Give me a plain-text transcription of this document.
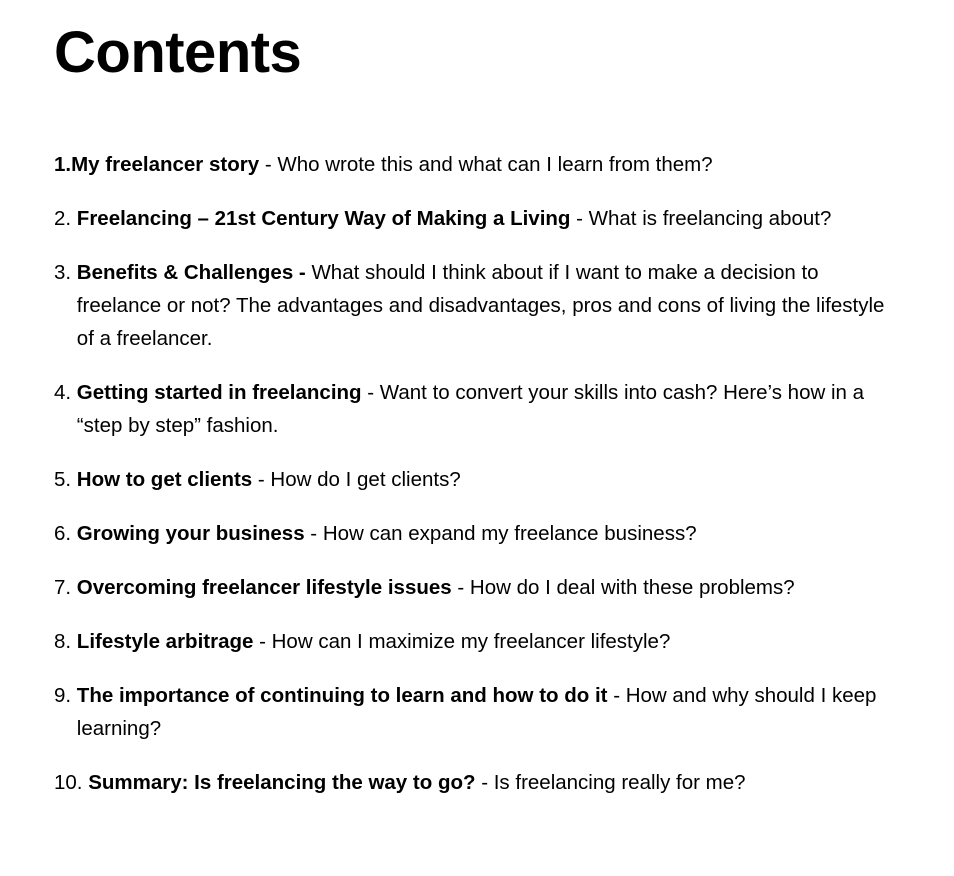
Contents
1. My freelancer story - Who wrote this and what can I learn from them?
2. Freelancing – 21st Century Way of Making a Living - What is freelancing about?
3. Benefits & Challenges - What should I think about if I want to make a decision to freelance or not? The advantages and disadvantages, pros and cons of living the lifestyle of a freelancer.
4. Getting started in freelancing - Want to convert your skills into cash? Here’s how in a “step by step” fashion.
5. How to get clients - How do I get clients?
6. Growing your business - How can expand my freelance business?
7. Overcoming freelancer lifestyle issues - How do I deal with these problems?
8. Lifestyle arbitrage - How can I maximize my freelancer lifestyle?
9. The importance of continuing to learn and how to do it - How and why should I keep learning?
10. Summary: Is freelancing the way to go? - Is freelancing really for me?
